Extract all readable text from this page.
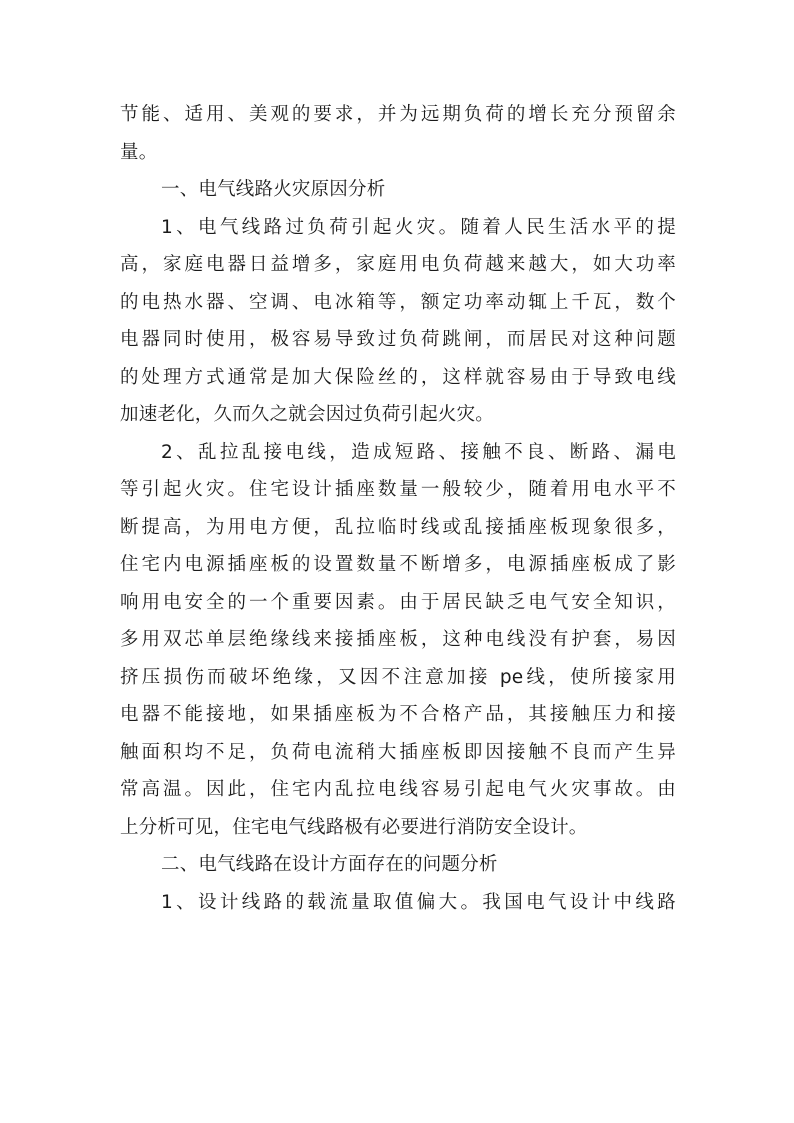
节能、适用、美观的要求，并为远期负荷的增长充分预留余
量。
一、电气线路火灾原因分析
1、电气线路过负荷引起火灾。随着人民生活水平的提
高，家庭电器日益增多，家庭用电负荷越来越大，如大功率
的电热水器、空调、电冰箱等，额定功率动辄上千瓦，数个
电器同时使用，极容易导致过负荷跳闸，而居民对这种问题
的处理方式通常是加大保险丝的，这样就容易由于导致电线
加速老化，久而久之就会因过负荷引起火灾。
2、乱拉乱接电线，造成短路、接触不良、断路、漏电
等引起火灾。住宅设计插座数量一般较少，随着用电水平不
断提高，为用电方便，乱拉临时线或乱接插座板现象很多，
住宅内电源插座板的设置数量不断增多，电源插座板成了影
响用电安全的一个重要因素。由于居民缺乏电气安全知识，
多用双芯单层绝缘线来接插座板，这种电线没有护套，易因
挤压损伤而破坏绝缘，又因不注意加接 pe线，使所接家用
电器不能接地，如果插座板为不合格产品，其接触压力和接
触面积均不足，负荷电流稍大插座板即因接触不良而产生异
常高温。因此，住宅内乱拉电线容易引起电气火灾事故。由
上分析可见，住宅电气线路极有必要进行消防安全设计。
二、电气线路在设计方面存在的问题分析
1、设计线路的载流量取值偏大。我国电气设计中线路
